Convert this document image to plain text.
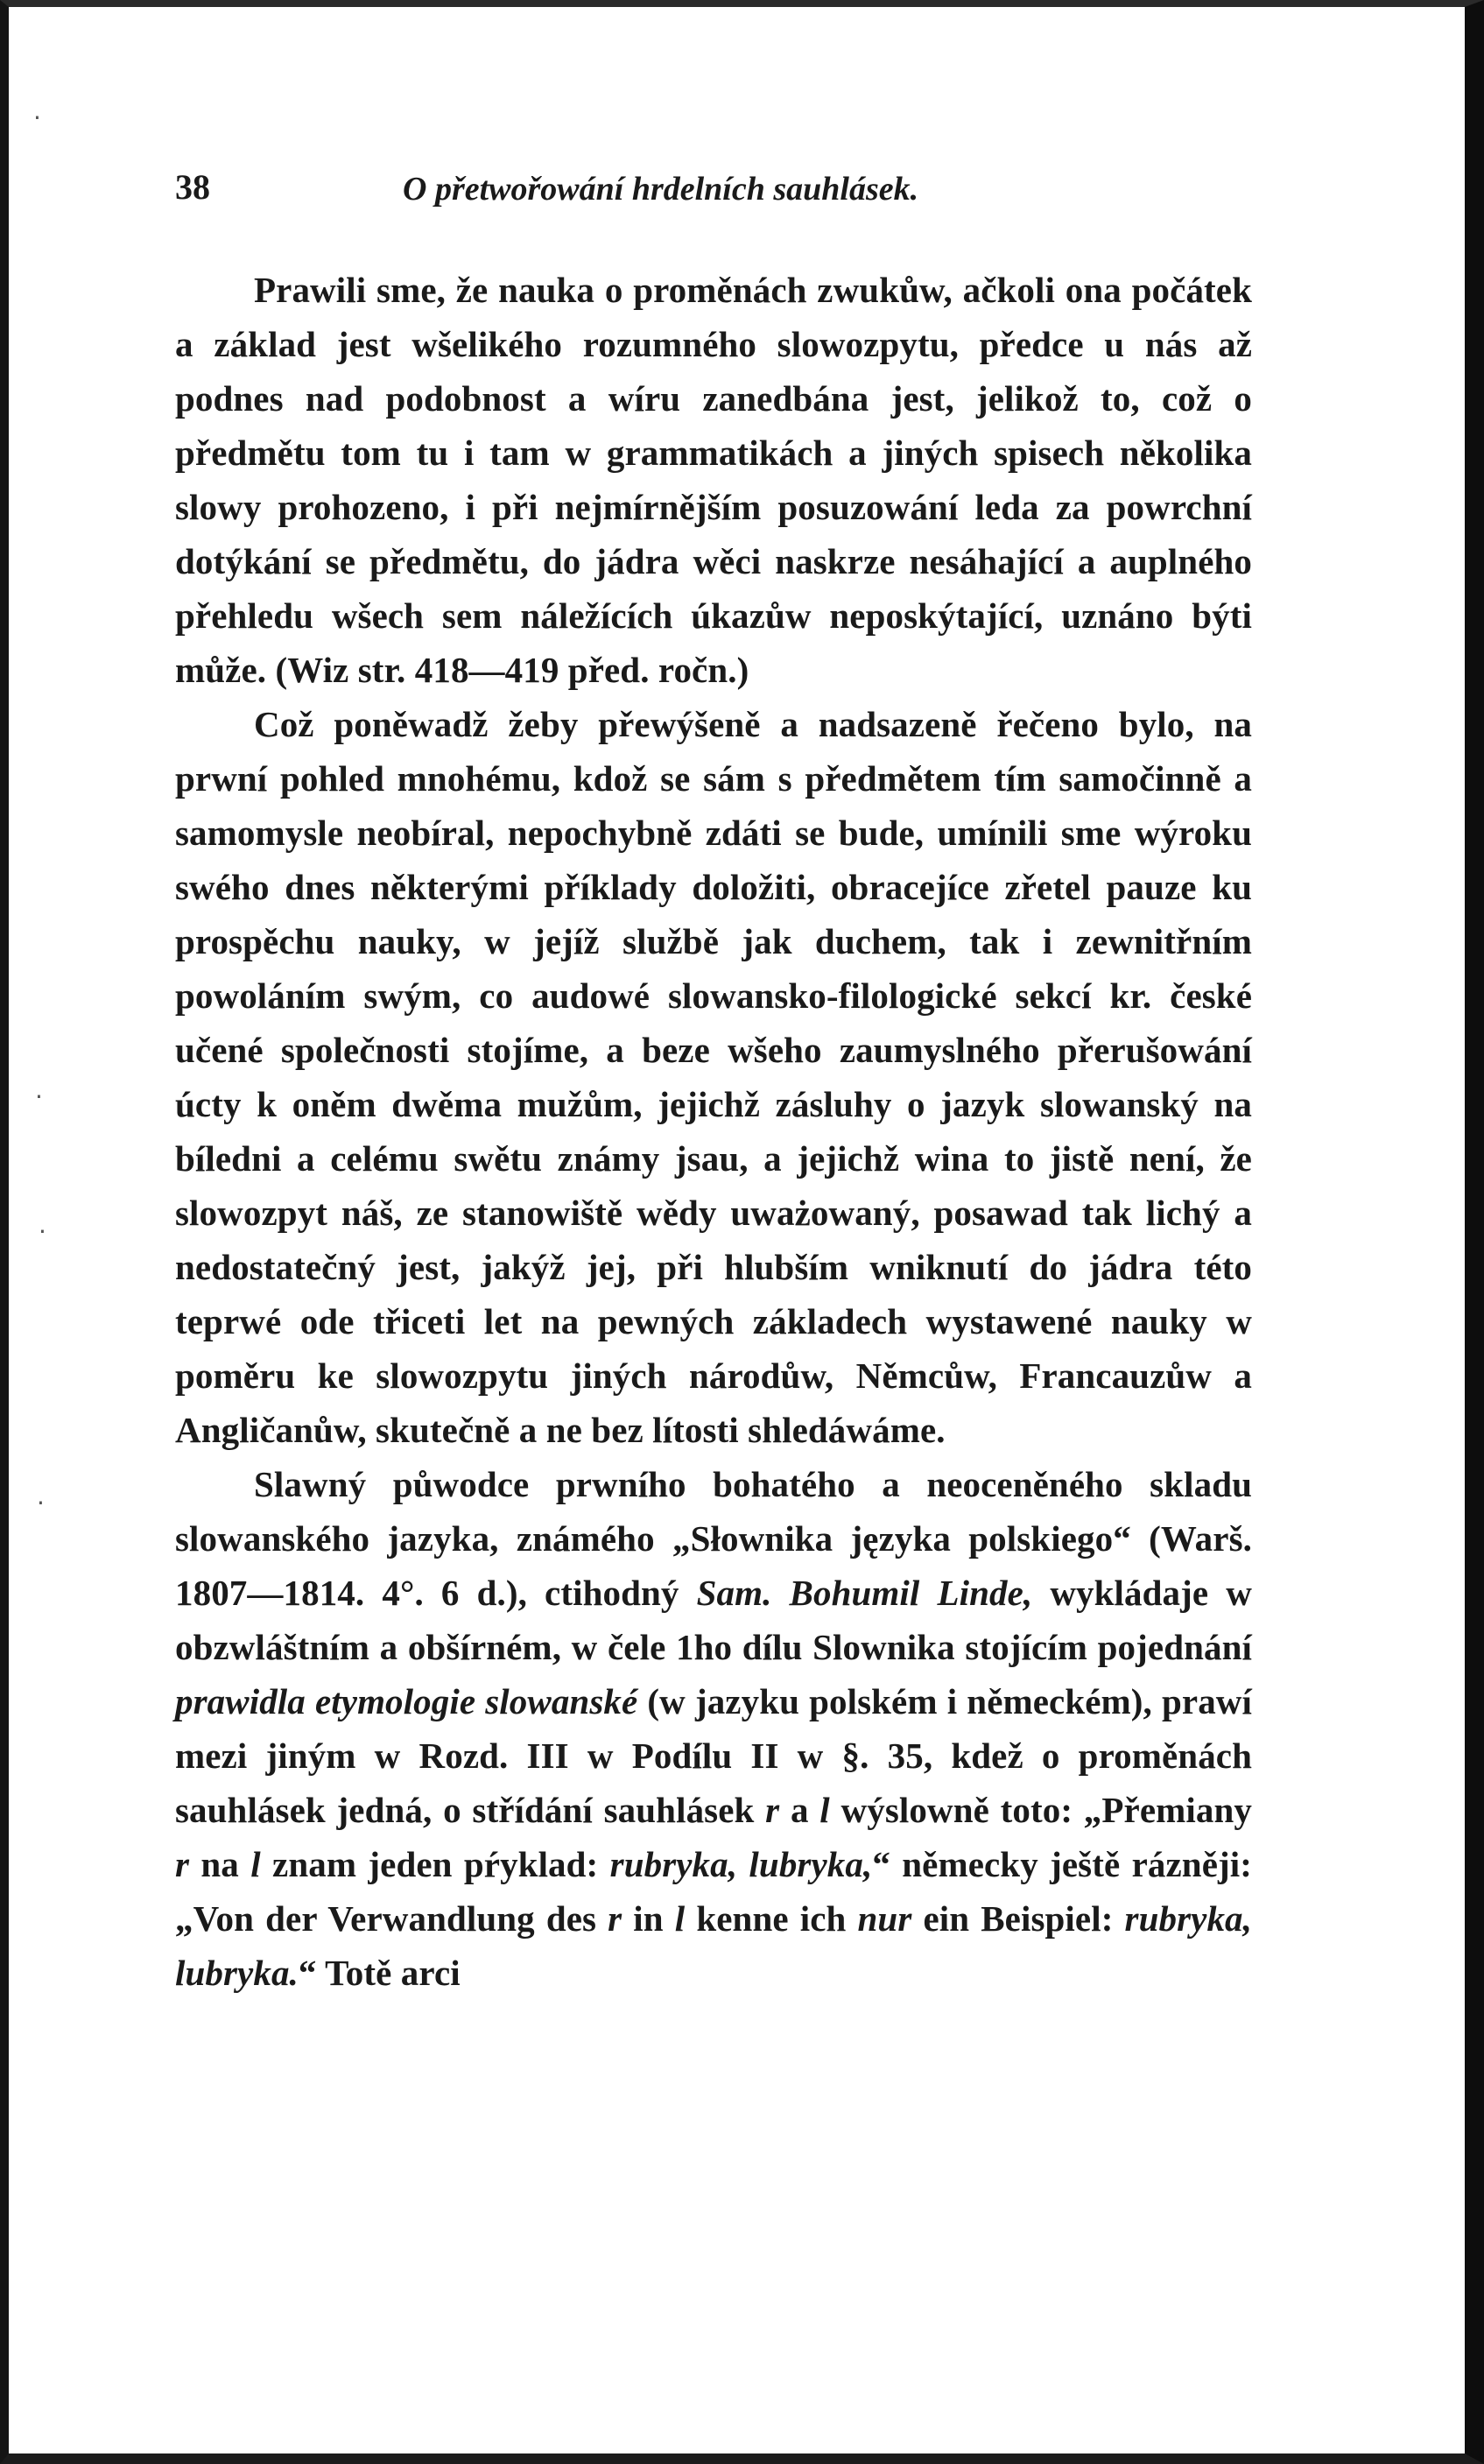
38	O přetwořowání hrdelních sauhlásek.

Prawili sme, že nauka o proměnách zwukůw, ačkoli ona počátek a základ jest wšelikého rozumného slowozpytu, předce u nás až podnes nad podobnost a wíru zanedbána jest, jelikož to, což o předmětu tom tu i tam w grammatikách a jiných spisech několika slowy prohozeno, i při nejmírnějším posuzowání leda za powrchní dotýkání se předmětu, do jádra wěci naskrze nesáhající a auplného přehledu wšech sem náležících úkazůw neposkýtající, uznáno býti může. (Wiz str. 418—419 před. ročn.)

Což poněwadž žeby přewýšeně a nadsazeně řečeno bylo, na prwní pohled mnohému, kdož se sám s předmětem tím samočinně a samomysle neobíral, nepochybně zdáti se bude, umínili sme wýroku swého dnes některými příklady doložiti, obracejíce zřetel pauze ku prospěchu nauky, w jejíž službě jak duchem, tak i zewnitřním powoláním swým, co audowé slowansko-filologické sekcí kr. české učené společnosti stojíme, a beze wšeho zaumyslného přerušowání úcty k oněm dwěma mužům, jejichž zásluhy o jazyk slowanský na bíledni a celému swětu známy jsau, a jejichž wina to jistě není, že slowozpyt náš, ze stanowiště wědy uważowaný, posawad tak lichý a nedostatečný jest, jakýž jej, při hlubším wniknutí do jádra této teprwé ode třiceti let na pewných základech wystawené nauky w poměru ke slowozpytu jiných národůw, Němcůw, Francauzůw a Angličanůw, skutečně a ne bez lítosti shledáwáme.

Slawný půwodce prwního bohatého a neoceněného skladu slowanského jazyka, známého „Słownika języka polskiego“ (Warš. 1807—1814. 4°. 6 d.), ctihodný Sam. Bohumil Linde, wykládaje w obzwláštním a obšírném, w čele 1ho dílu Slownika stojícím pojednání prawidla etymologie slowanské (w jazyku polském i německém), prawí mezi jiným w Rozd. III w Podílu II w §. 35, kdež o proměnách sauhlásek jedná, o střídání sauhlásek r a l wýslowně toto: „Přemiany r na l znam jeden pŕyklad: rubryka, lubryka,“ německy ještě rázněji: „Von der Verwandlung des r in l kenne ich nur ein Beispiel: rubryka, lubryka.“ Totě arci

·
·
·
·
